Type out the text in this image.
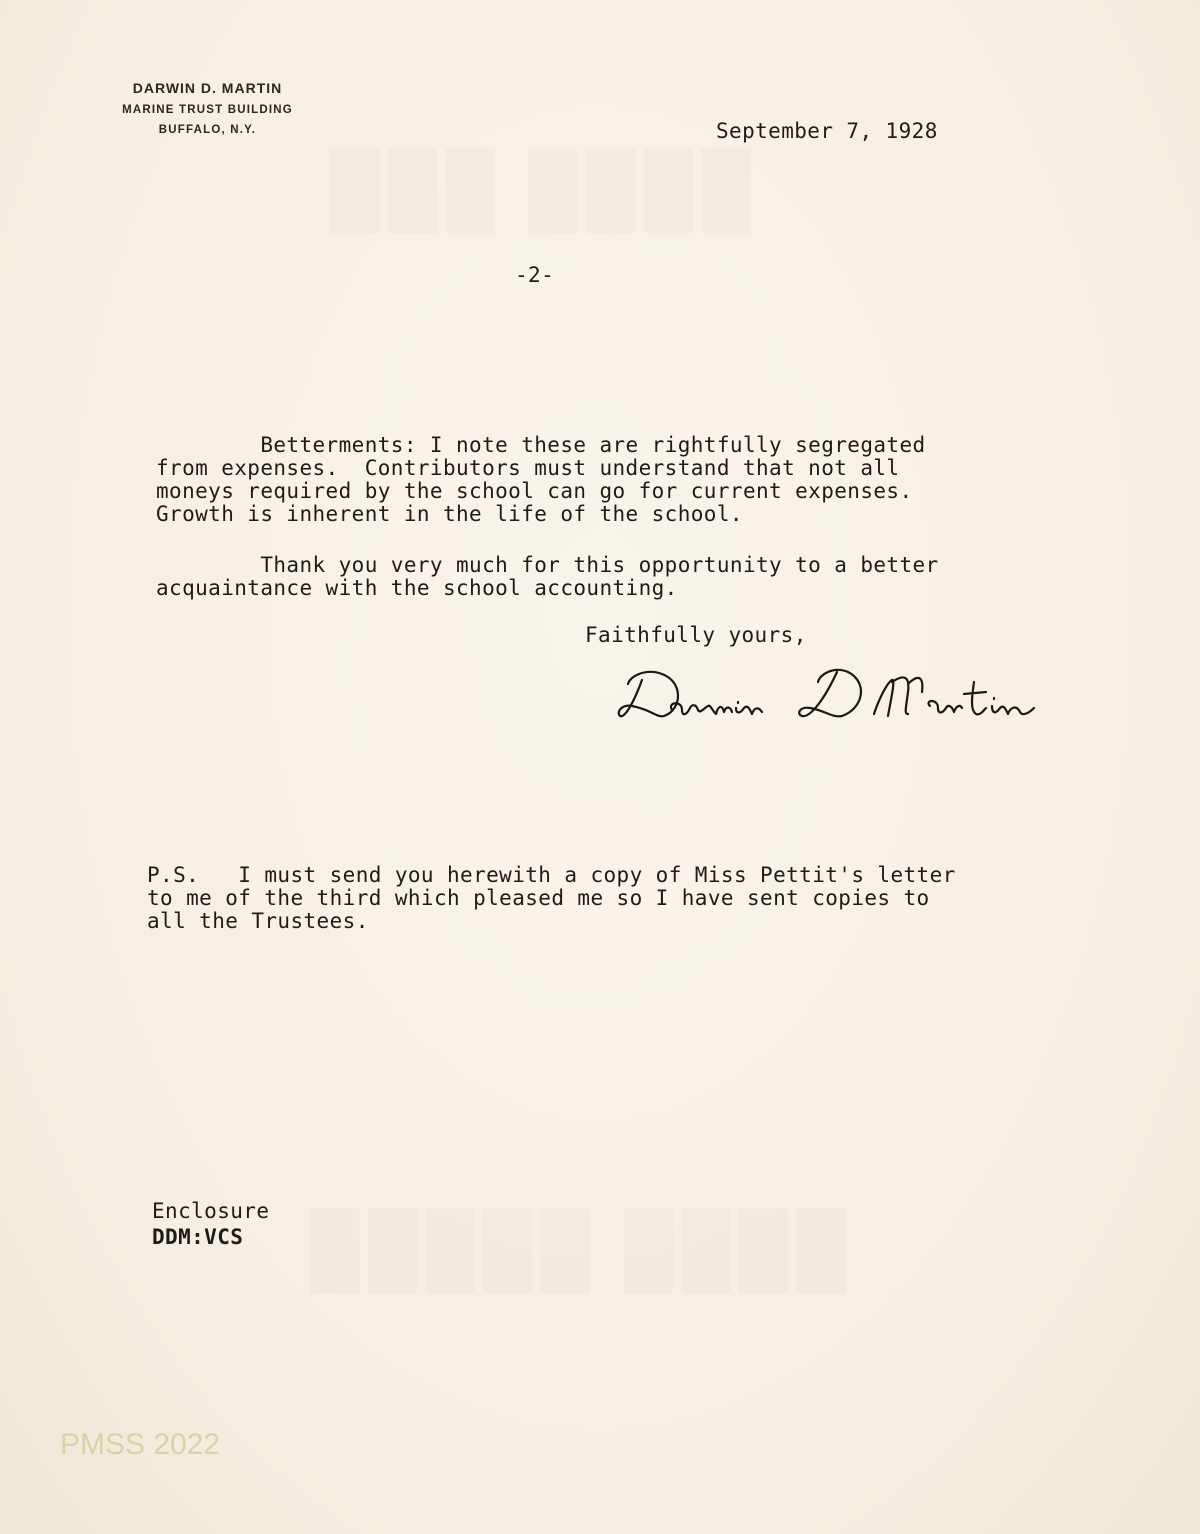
DARWIN D. MARTIN
MARINE TRUST BUILDING
BUFFALO, N.Y.	September 7, 1928
-2-
Betterments: I note these are rightfully segregated
from expenses.  Contributors must understand that not all
moneys required by the school can go for current expenses.
Growth is inherent in the life of the school.
Thank you very much for this opportunity to a better
acquaintance with the school accounting.
Faithfully yours,
P.S.   I must send you herewith a copy of Miss Pettit's letter
to me of the third which pleased me so I have sent copies to
all the Trustees.
Enclosure
DDM:VCS
PMSS 2022
